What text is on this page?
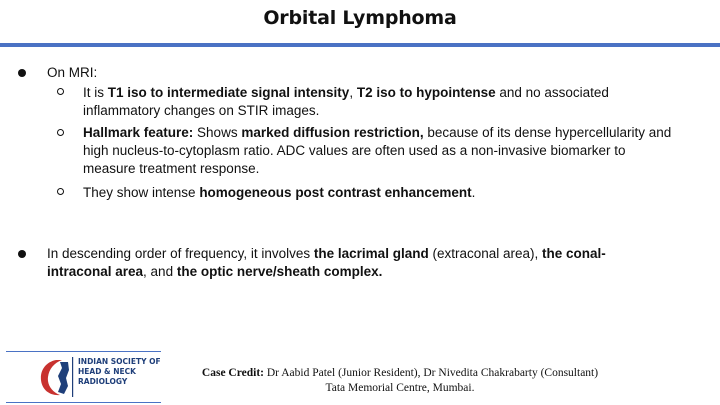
Orbital Lymphoma
On MRI:
It is T1 iso to intermediate signal intensity, T2 iso to hypointense and no associated
inflammatory changes on STIR images.
Hallmark feature: Shows marked diffusion restriction, because of its dense hypercellularity and
high nucleus-to-cytoplasm ratio. ADC values are often used as a non-invasive biomarker to
measure treatment response.
They show intense homogeneous post contrast enhancement.
In descending order of frequency, it involves the lacrimal gland (extraconal area), the conal-
intraconal area, and the optic nerve/sheath complex.
INDIAN SOCIETY OF
HEAD & NECK
RADIOLOGY
Case Credit: Dr Aabid Patel (Junior Resident), Dr Nivedita Chakrabarty (Consultant)
Tata Memorial Centre, Mumbai.
